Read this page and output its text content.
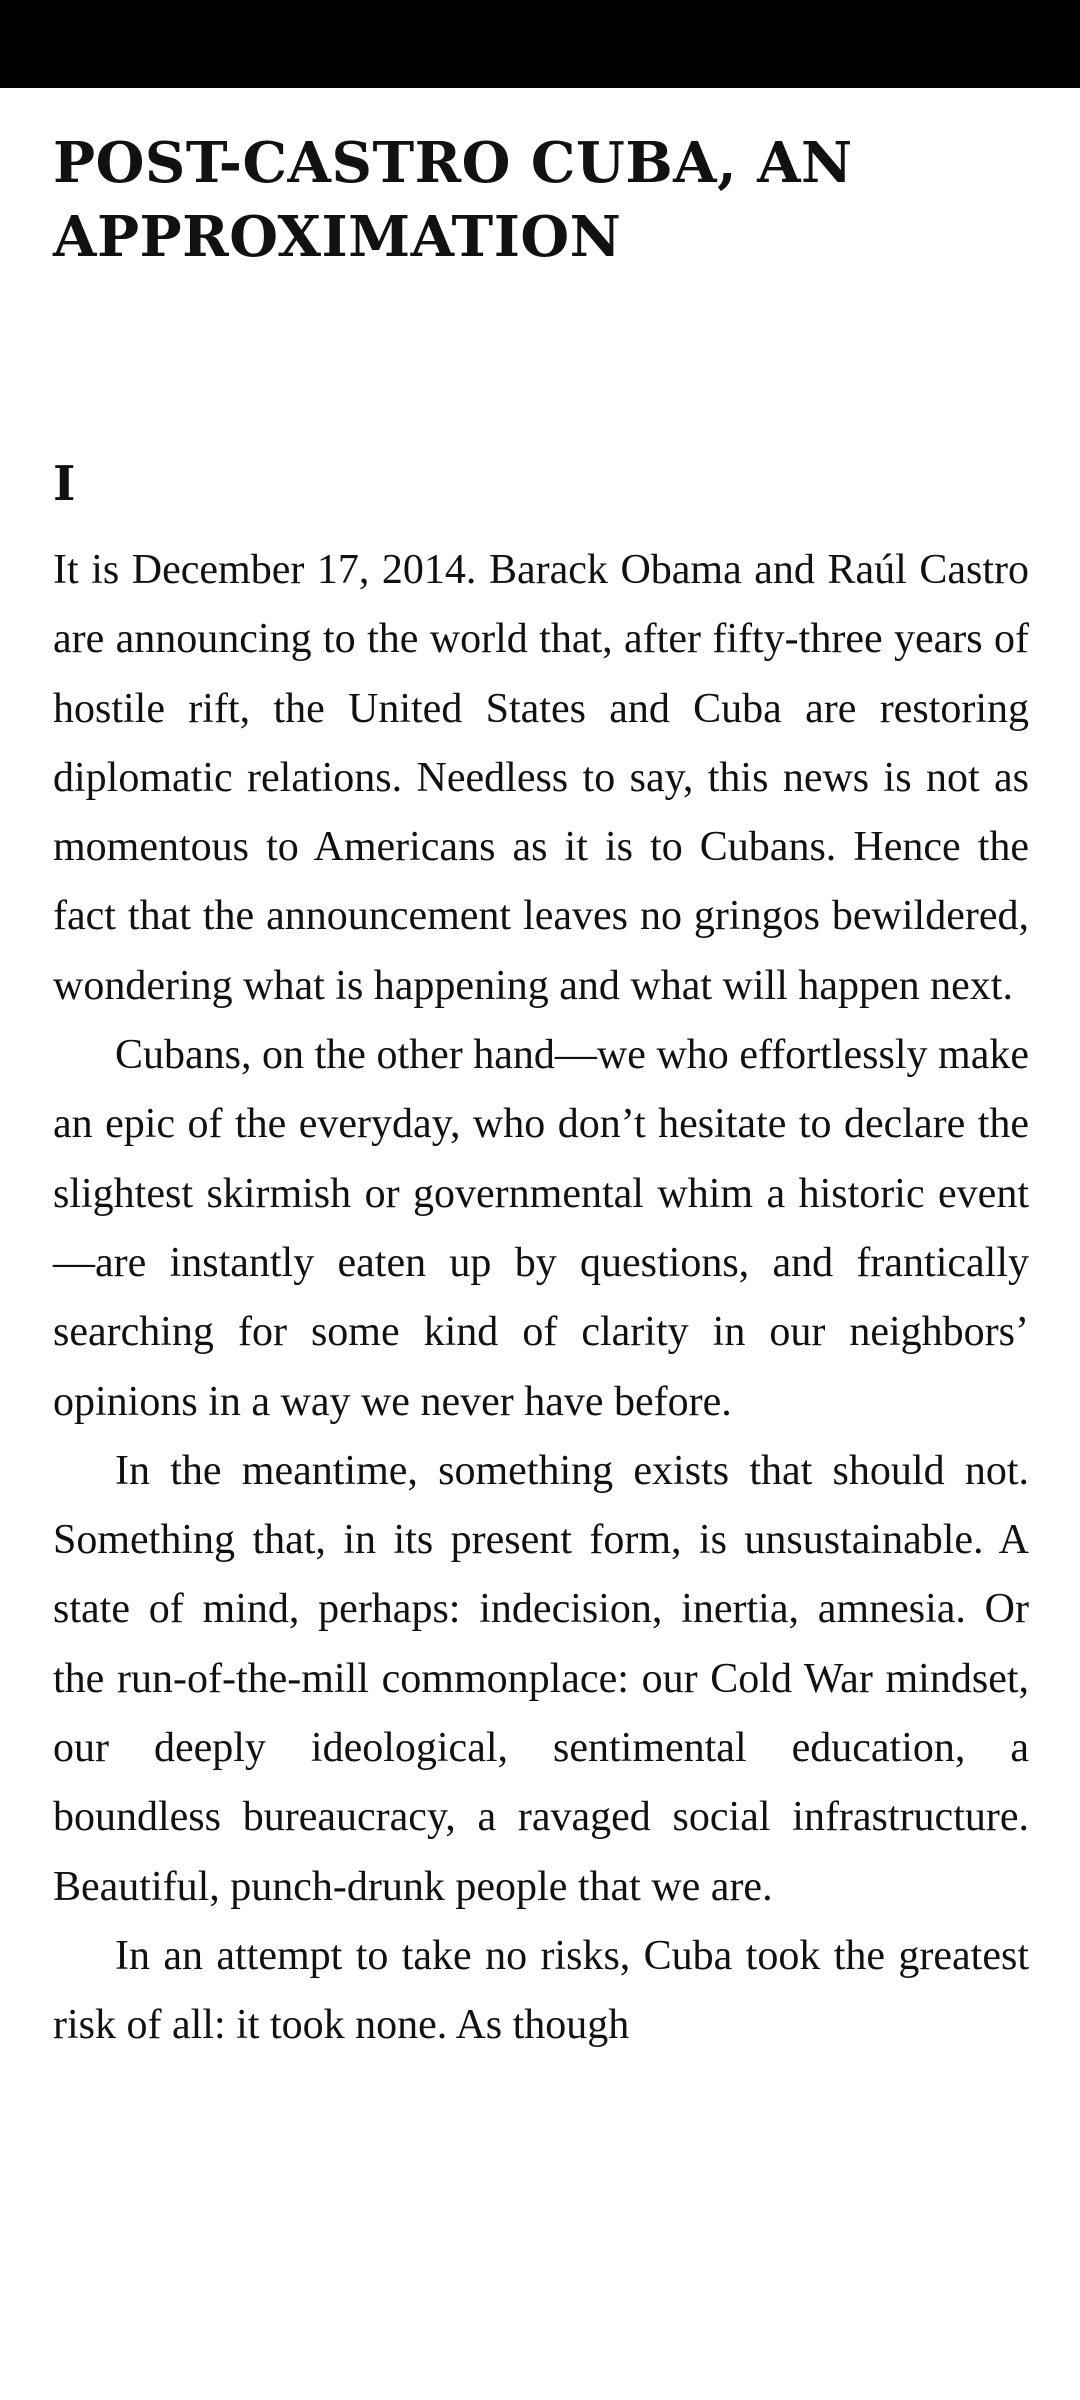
POST-CASTRO CUBA, AN APPROXIMATION
I

It is December 17, 2014. Barack Obama and Raúl Castro are announcing to the world that, after fifty-three years of hostile rift, the United States and Cuba are restoring diplomatic relations. Needless to say, this news is not as momentous to Americans as it is to Cubans. Hence the fact that the announcement leaves no gringos bewildered, wondering what is happening and what will happen next.

Cubans, on the other hand—we who effortlessly make an epic of the everyday, who don’t hesitate to declare the slightest skirmish or governmental whim a historic event—are instantly eaten up by questions, and frantically searching for some kind of clarity in our neighbors’ opinions in a way we never have before.

In the meantime, something exists that should not. Something that, in its present form, is unsustainable. A state of mind, perhaps: indecision, inertia, amnesia. Or the run-of-the-mill commonplace: our Cold War mindset, our deeply ideological, sentimental education, a boundless bureaucracy, a ravaged social infrastructure. Beautiful, punch-drunk people that we are.

In an attempt to take no risks, Cuba took the greatest risk of all: it took none. As though
